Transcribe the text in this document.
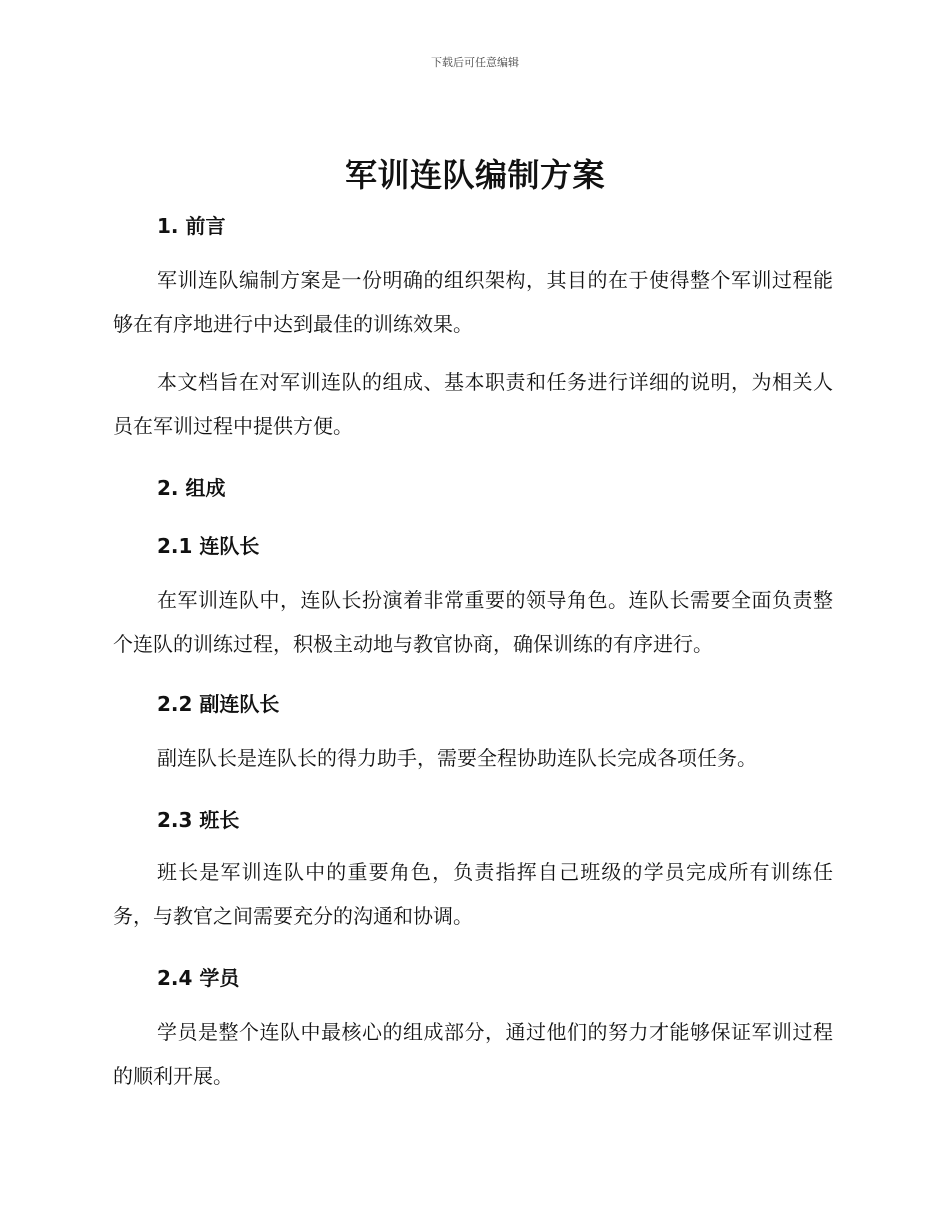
下载后可任意编辑
军训连队编制方案
1. 前言

军训连队编制方案是一份明确的组织架构，其目的在于使得整个军训过程能够在有序地进行中达到最佳的训练效果。

本文档旨在对军训连队的组成、基本职责和任务进行详细的说明，为相关人员在军训过程中提供方便。

2. 组成
2.1 连队长

在军训连队中，连队长扮演着非常重要的领导角色。连队长需要全面负责整个连队的训练过程，积极主动地与教官协商，确保训练的有序进行。

2.2 副连队长

副连队长是连队长的得力助手，需要全程协助连队长完成各项任务。

2.3 班长

班长是军训连队中的重要角色，负责指挥自己班级的学员完成所有训练任务，与教官之间需要充分的沟通和协调。

2.4 学员

学员是整个连队中最核心的组成部分，通过他们的努力才能够保证军训过程的顺利开展。
